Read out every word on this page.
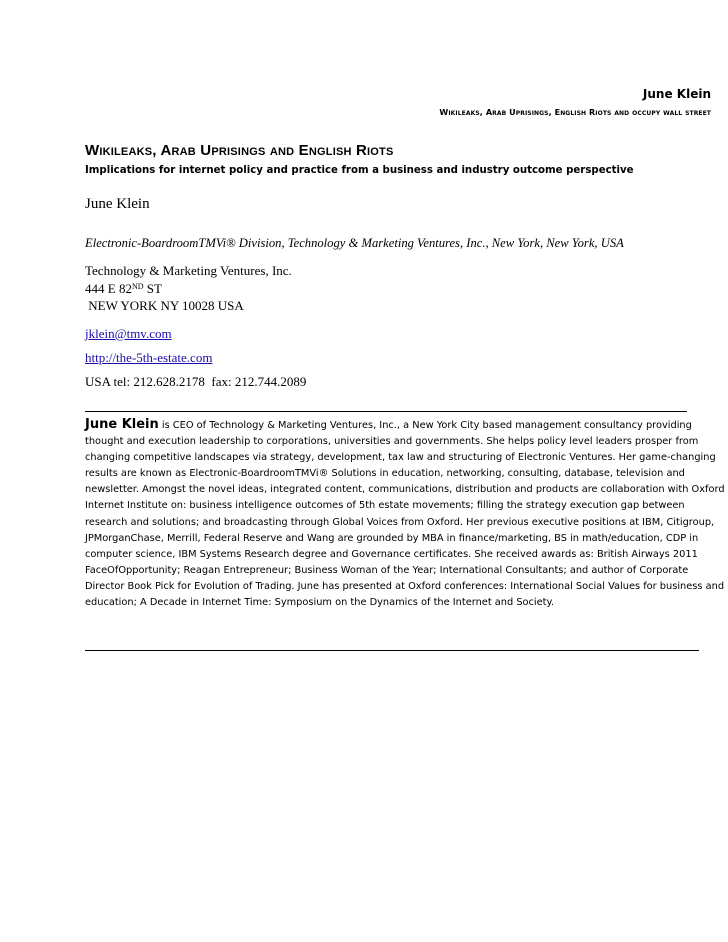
June Klein
Wikileaks, Arab Uprisings, English Riots and occupy wall street
Wikileaks, Arab Uprisings and English Riots
Implications for internet policy and practice from a business and industry outcome perspective
June Klein
Electronic-BoardroomTMVi® Division, Technology & Marketing Ventures, Inc., New York, New York, USA
Technology & Marketing Ventures, Inc.
444 E 82ND ST
NEW YORK NY 10028 USA
jklein@tmv.com
http://the-5th-estate.com
USA tel: 212.628.2178  fax: 212.744.2089
June Klein is CEO of Technology & Marketing Ventures, Inc., a New York City based management consultancy providing thought and execution leadership to corporations, universities and governments. She helps policy level leaders prosper from changing competitive landscapes via strategy, development, tax law and structuring of Electronic Ventures. Her game-changing results are known as Electronic-BoardroomTMVi® Solutions in education, networking, consulting, database, television and newsletter. Amongst the novel ideas, integrated content, communications, distribution and products are collaboration with Oxford Internet Institute on: business intelligence outcomes of 5th estate movements; filling the strategy execution gap between research and solutions; and broadcasting through Global Voices from Oxford. Her previous executive positions at IBM, Citigroup, JPMorganChase, Merrill, Federal Reserve and Wang are grounded by MBA in finance/marketing, BS in math/education, CDP in computer science, IBM Systems Research degree and Governance certificates. She received awards as: British Airways 2011 FaceOfOpportunity; Reagan Entrepreneur; Business Woman of the Year; International Consultants; and author of Corporate Director Book Pick for Evolution of Trading. June has presented at Oxford conferences: International Social Values for business and education; A Decade in Internet Time: Symposium on the Dynamics of the Internet and Society.
